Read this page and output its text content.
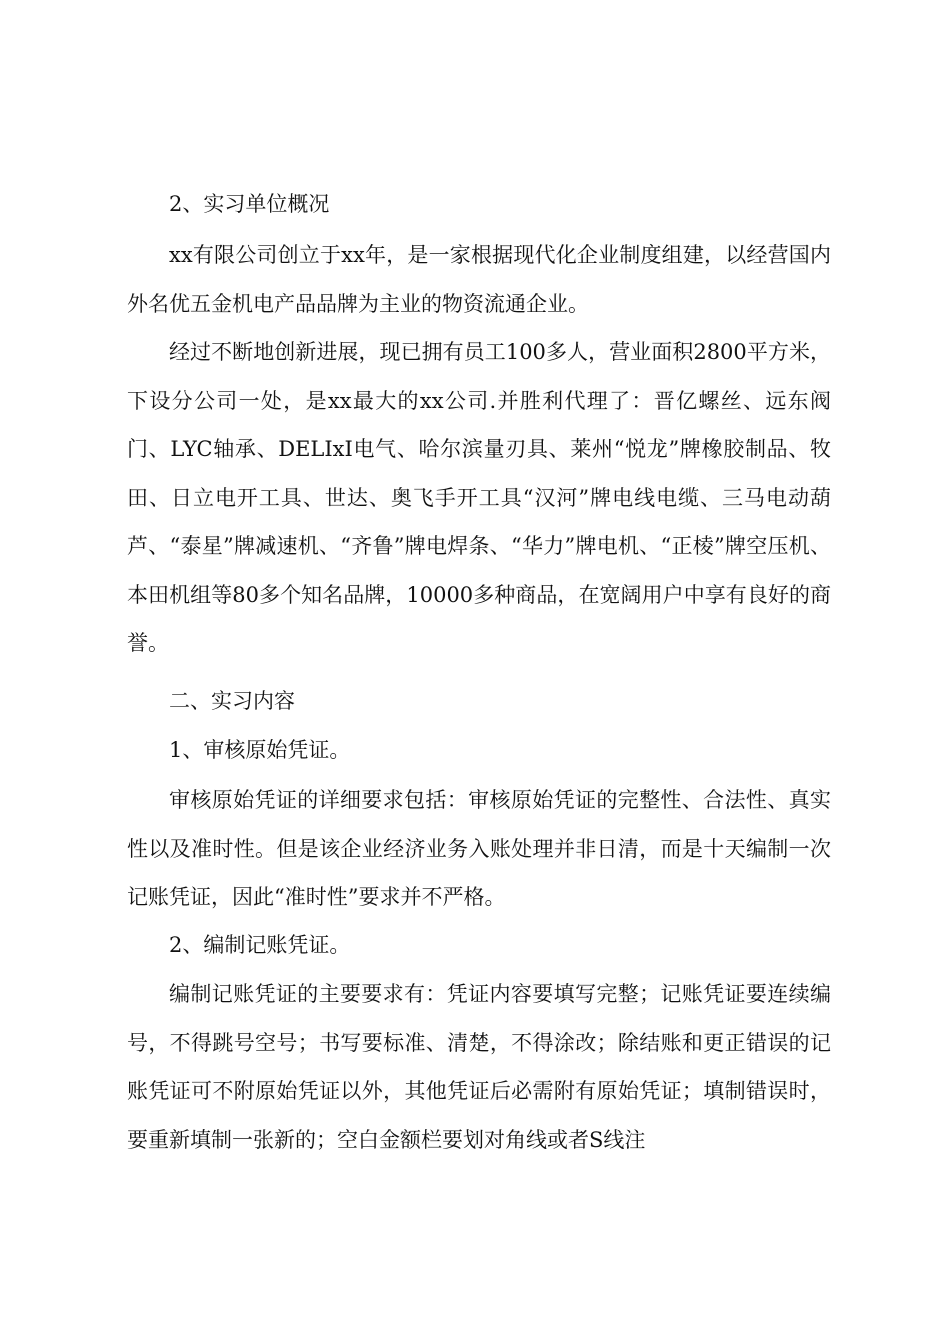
2、实习单位概况

xx有限公司创立于xx年，是一家根据现代化企业制度组建，以经营国内外名优五金机电产品品牌为主业的物资流通企业。

经过不断地创新进展，现已拥有员工100多人，营业面积2800平方米，下设分公司一处，是xx最大的xx公司.并胜利代理了：晋亿螺丝、远东阀门、LYC轴承、DELIxI电气、哈尔滨量刃具、莱州“悦龙”牌橡胶制品、牧田、日立电开工具、世达、奥飞手开工具“汉河”牌电线电缆、三马电动葫芦、“泰星”牌减速机、“齐鲁”牌电焊条、“华力”牌电机、“正棱”牌空压机、本田机组等80多个知名品牌，10000多种商品，在宽阔用户中享有良好的商誉。

二、实习内容

1、审核原始凭证。

审核原始凭证的详细要求包括：审核原始凭证的完整性、合法性、真实性以及准时性。但是该企业经济业务入账处理并非日清，而是十天编制一次记账凭证，因此“准时性”要求并不严格。

2、编制记账凭证。

编制记账凭证的主要要求有：凭证内容要填写完整；记账凭证要连续编号，不得跳号空号；书写要标准、清楚，不得涂改；除结账和更正错误的记账凭证可不附原始凭证以外，其他凭证后必需附有原始凭证；填制错误时，要重新填制一张新的；空白金额栏要划对角线或者S线注
